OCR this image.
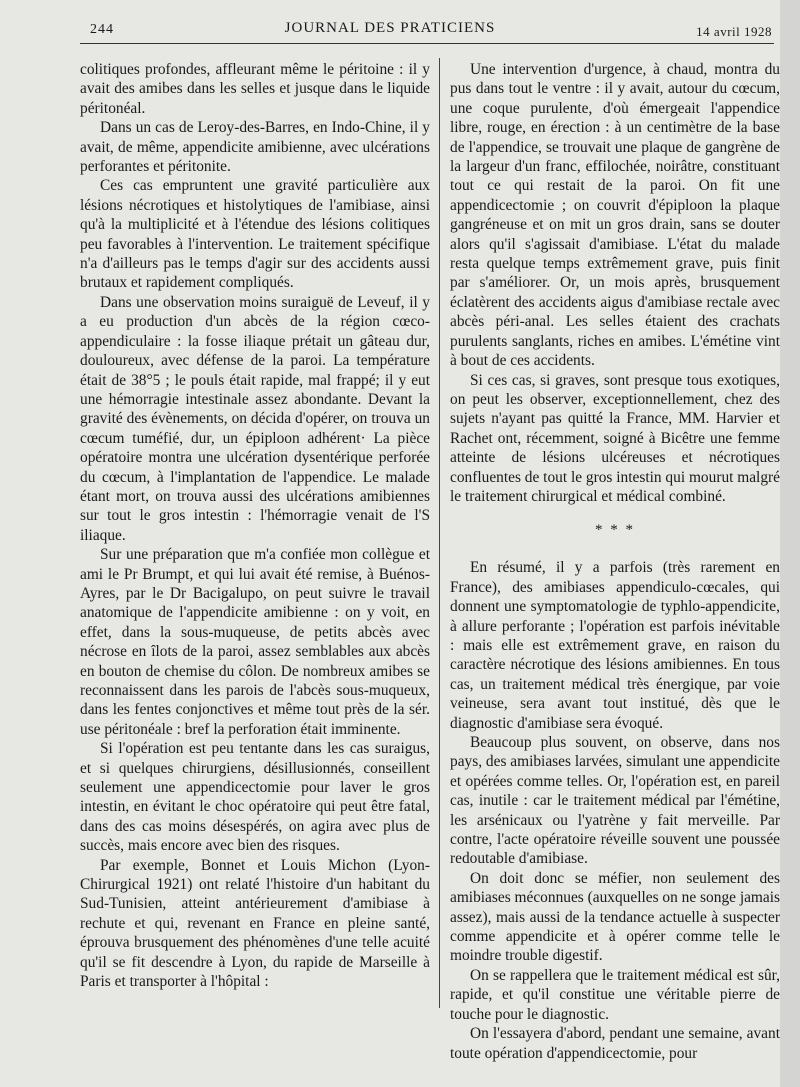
244	JOURNAL DES PRATICIENS	14 avril 1928

colitiques profondes, affleurant même le péritoine : il y avait des amibes dans les selles et jusque dans le liquide péritonéal.

Dans un cas de Leroy-des-Barres, en Indo-Chine, il y avait, de même, appendicite amibienne, avec ulcérations perforantes et péritonite.

Ces cas empruntent une gravité particulière aux lésions nécrotiques et histolytiques de l'amibiase, ainsi qu'à la multiplicité et à l'étendue des lésions colitiques peu favorables à l'intervention. Le traitement spécifique n'a d'ailleurs pas le temps d'agir sur des accidents aussi brutaux et rapidement compliqués.

Dans une observation moins suraiguë de Leveuf, il y a eu production d'un abcès de la région cœco-appendiculaire : la fosse iliaque prétait un gâteau dur, douloureux, avec défense de la paroi. La température était de 38°5 ; le pouls était rapide, mal frappé; il y eut une hémorragie intestinale assez abondante. Devant la gravité des évènements, on décida d'opérer, on trouva un cœcum tuméfié, dur, un épiploon adhérent· La pièce opératoire montra une ulcération dysentérique perforée du cœcum, à l'implantation de l'appendice. Le malade étant mort, on trouva aussi des ulcérations amibiennes sur tout le gros intestin : l'hémorragie venait de l'S iliaque.

Sur une préparation que m'a confiée mon collègue et ami le Pr Brumpt, et qui lui avait été remise, à Buénos-Ayres, par le Dr Bacigalupo, on peut suivre le travail anatomique de l'appendicite amibienne : on y voit, en effet, dans la sous-muqueuse, de petits abcès avec nécrose en îlots de la paroi, assez semblables aux abcès en bouton de chemise du côlon. De nombreux amibes se reconnaissent dans les parois de l'abcès sous-muqueux, dans les fentes conjonctives et même tout près de la sér. use péritonéale : bref la perforation était imminente.

Si l'opération est peu tentante dans les cas suraigus, et si quelques chirurgiens, désillusionnés, conseillent seulement une appendicectomie pour laver le gros intestin, en évitant le choc opératoire qui peut être fatal, dans des cas moins désespérés, on agira avec plus de succès, mais encore avec bien des risques.

Par exemple, Bonnet et Louis Michon (Lyon-Chirurgical 1921) ont relaté l'histoire d'un habitant du Sud-Tunisien, atteint antérieurement d'amibiase à rechute et qui, revenant en France en pleine santé, éprouva brusquement des phénomènes d'une telle acuité qu'il se fit descendre à Lyon, du rapide de Marseille à Paris et transporter à l'hôpital :

Une intervention d'urgence, à chaud, montra du pus dans tout le ventre : il y avait, autour du cœcum, une coque purulente, d'où émergeait l'appendice libre, rouge, en érection : à un centimètre de la base de l'appendice, se trouvait une plaque de gangrène de la largeur d'un franc, effilochée, noirâtre, constituant tout ce qui restait de la paroi. On fit une appendicectomie ; on couvrit d'épiploon la plaque gangréneuse et on mit un gros drain, sans se douter alors qu'il s'agissait d'amibiase. L'état du malade resta quelque temps extrêmement grave, puis finit par s'améliorer. Or, un mois après, brusquement éclatèrent des accidents aigus d'amibiase rectale avec abcès péri-anal. Les selles étaient des crachats purulents sanglants, riches en amibes. L'émétine vint à bout de ces accidents.

Si ces cas, si graves, sont presque tous exotiques, on peut les observer, exceptionnellement, chez des sujets n'ayant pas quitté la France, MM. Harvier et Rachet ont, récemment, soigné à Bicêtre une femme atteinte de lésions ulcéreuses et nécrotiques confluentes de tout le gros intestin qui mourut malgré le traitement chirurgical et médical combiné.

* * *

En résumé, il y a parfois (très rarement en France), des amibiases appendiculo-cœcales, qui donnent une symptomatologie de typhlo-appendicite, à allure perforante ; l'opération est parfois inévitable : mais elle est extrêmement grave, en raison du caractère nécrotique des lésions amibiennes. En tous cas, un traitement médical très énergique, par voie veineuse, sera avant tout institué, dès que le diagnostic d'amibiase sera évoqué.

Beaucoup plus souvent, on observe, dans nos pays, des amibiases larvées, simulant une appendicite et opérées comme telles. Or, l'opération est, en pareil cas, inutile : car le traitement médical par l'émétine, les arsénicaux ou l'yatrène y fait merveille. Par contre, l'acte opératoire réveille souvent une poussée redoutable d'amibiase.

On doit donc se méfier, non seulement des amibiases méconnues (auxquelles on ne songe jamais assez), mais aussi de la tendance actuelle à suspecter comme appendicite et à opérer comme telle le moindre trouble digestif.

On se rappellera que le traitement médical est sûr, rapide, et qu'il constitue une véritable pierre de touche pour le diagnostic.

On l'essayera d'abord, pendant une semaine, avant toute opération d'appendicectomie, pour
